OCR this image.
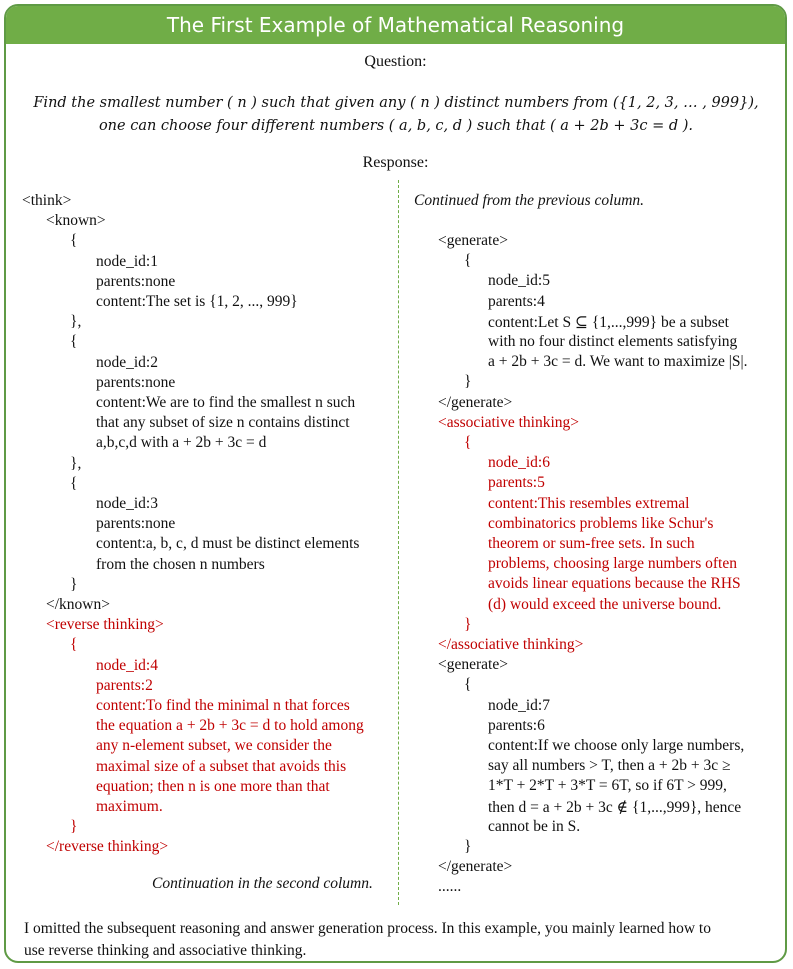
The First Example of Mathematical Reasoning
Question:
Find the smallest number ( n ) such that given any ( n ) distinct numbers from ({1, 2, 3, … , 999}),
one can choose four different numbers ( a, b, c, d ) such that ( a + 2b + 3c = d ).
Response:
<think>
<known>
{
node_id:1
parents:none
content:The set is {1, 2, ..., 999}
},
{
node_id:2
parents:none
content:We are to find the smallest n such
that any subset of size n contains distinct
a,b,c,d with a + 2b + 3c = d
},
{
node_id:3
parents:none
content:a, b, c, d must be distinct elements
from the chosen n numbers
}
</known>
<reverse thinking>
{
node_id:4
parents:2
content:To find the minimal n that forces
the equation a + 2b + 3c = d to hold among
any n-element subset, we consider the
maximal size of a subset that avoids this
equation; then n is one more than that
maximum.
}
</reverse thinking>
Continuation in the second column.
Continued from the previous column.
<generate>
{
node_id:5
parents:4
content:Let S ⊆ {1,...,999} be a subset
with no four distinct elements satisfying
a + 2b + 3c = d. We want to maximize |S|.
}
</generate>
<associative thinking>
{
node_id:6
parents:5
content:This resembles extremal
combinatorics problems like Schur's
theorem or sum-free sets. In such
problems, choosing large numbers often
avoids linear equations because the RHS
(d) would exceed the universe bound.
}
</associative thinking>
<generate>
{
node_id:7
parents:6
content:If we choose only large numbers,
say all numbers > T, then a + 2b + 3c ≥
1*T + 2*T + 3*T = 6T, so if 6T > 999,
then d = a + 2b + 3c ∉ {1,...,999}, hence
cannot be in S.
}
</generate>
......
I omitted the subsequent reasoning and answer generation process. In this example, you mainly learned how to
use reverse thinking and associative thinking.
